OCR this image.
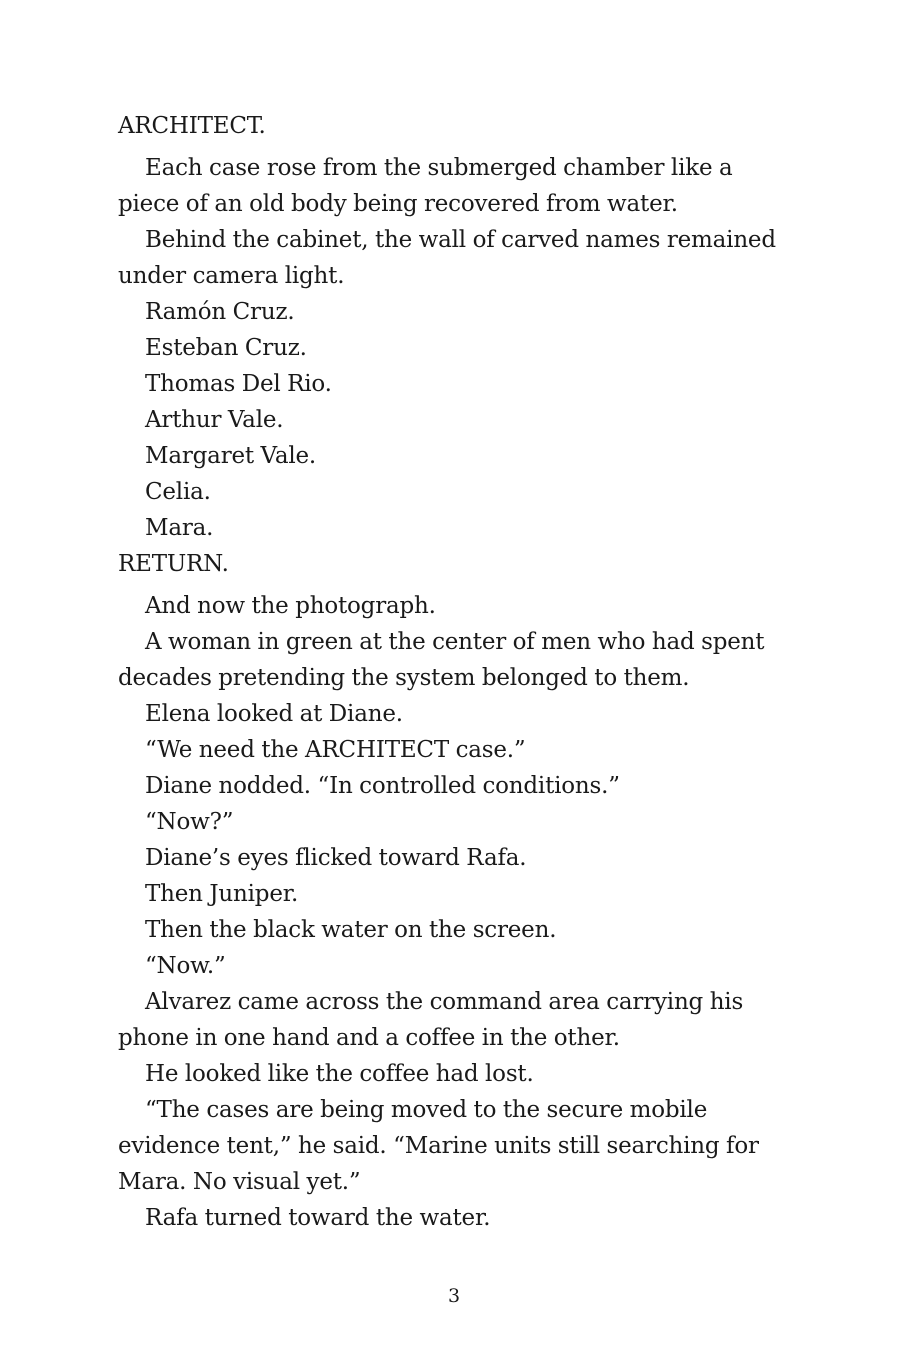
ARCHITECT.

Each case rose from the submerged chamber like a piece of an old body being recovered from water.

Behind the cabinet, the wall of carved names remained under camera light.

Ramón Cruz.

Esteban Cruz.

Thomas Del Rio.

Arthur Vale.

Margaret Vale.

Celia.

Mara.

RETURN.

And now the photograph.

A woman in green at the center of men who had spent decades pretending the system belonged to them.

Elena looked at Diane.

“We need the ARCHITECT case.”

Diane nodded. “In controlled conditions.”

“Now?”

Diane’s eyes flicked toward Rafa.

Then Juniper.

Then the black water on the screen.

“Now.”

Alvarez came across the command area carrying his phone in one hand and a coffee in the other.

He looked like the coffee had lost.

“The cases are being moved to the secure mobile evidence tent,” he said. “Marine units still searching for Mara. No visual yet.”

Rafa turned toward the water.

3
